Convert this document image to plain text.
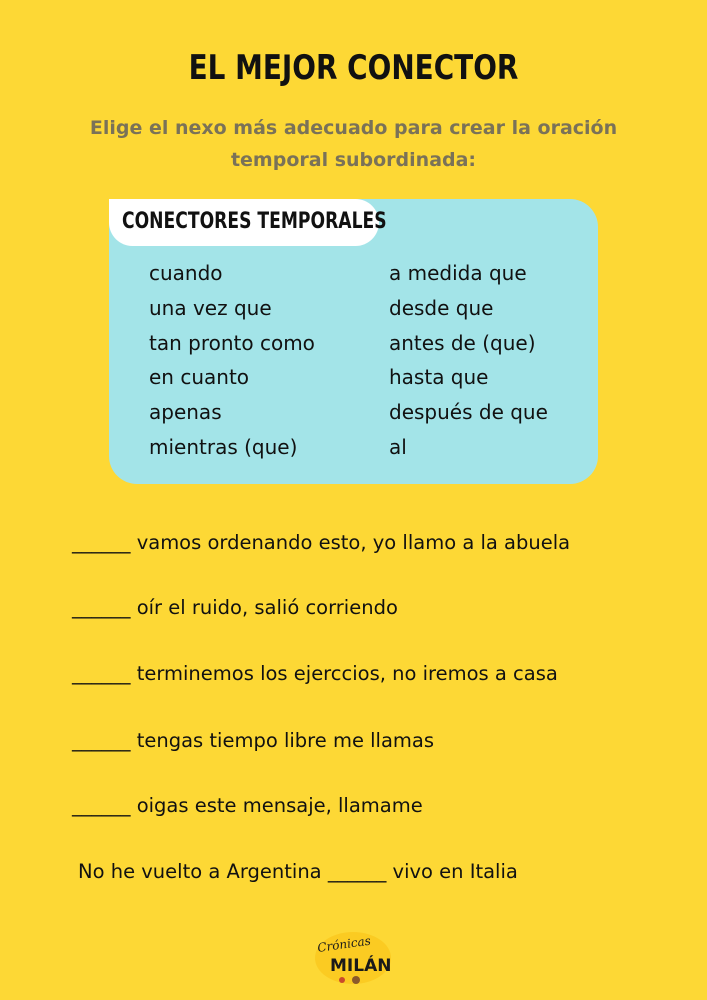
EL MEJOR CONECTOR
Elige el nexo más adecuado para crear la oración temporal subordinada:
CONECTORES TEMPORALES
cuando
una vez que
tan pronto como
en cuanto
apenas
mientras (que)
a medida que
desde que
antes de (que)
hasta que
después de que
al
______ vamos ordenando esto, yo llamo a la abuela
______ oír el ruido, salió corriendo
______ terminemos los ejerccios, no iremos a casa
______ tengas tiempo libre me llamas
______ oigas este mensaje, llamame
No he vuelto a Argentina ______ vivo en Italia
Crónicas
MILÁN
